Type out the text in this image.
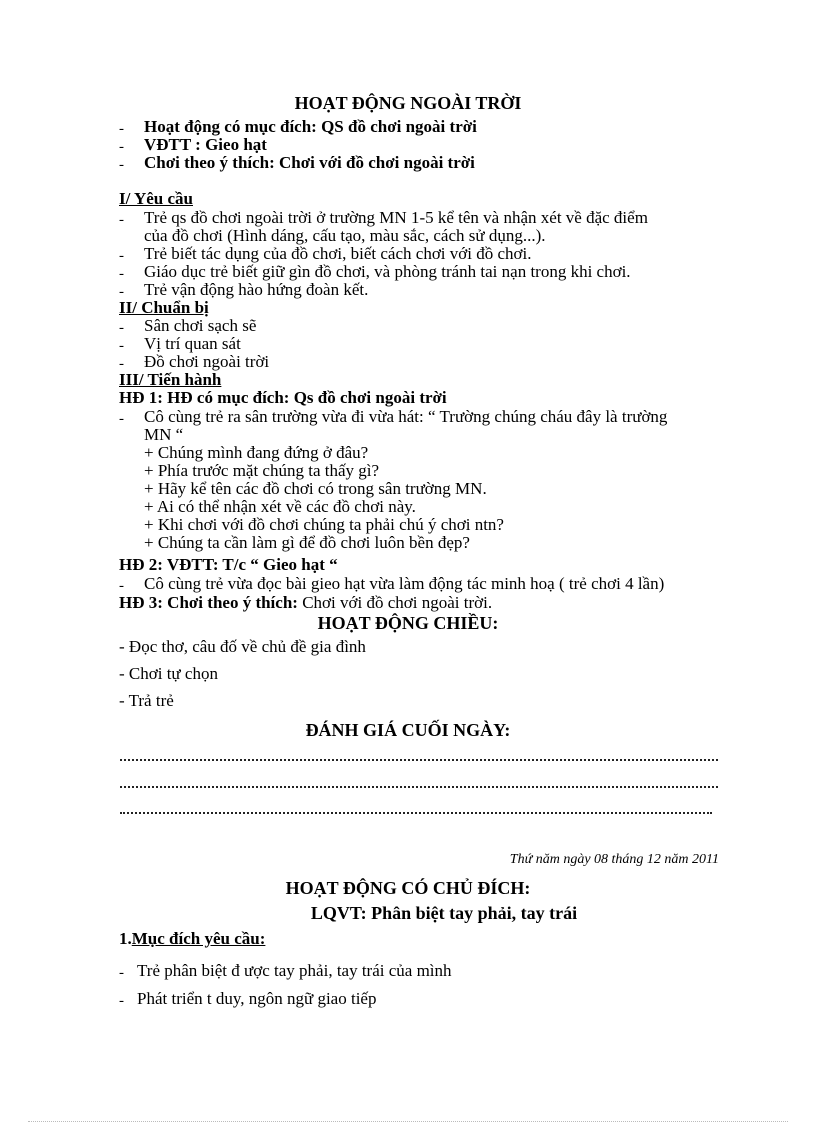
HOẠT ĐỘNG NGOÀI TRỜI
- Hoạt động có mục đích: QS đồ chơi ngoài trời
- VĐTT : Gieo hạt
- Chơi theo ý thích: Chơi với đồ chơi ngoài trời
I/ Yêu cầu
- Trẻ qs đồ chơi ngoài trời ở trường MN 1-5 kể tên và nhận xét về đặc điểm
của đồ chơi (Hình dáng, cấu tạo, màu sắc, cách sử dụng...).
- Trẻ biết tác dụng của đồ chơi, biết cách chơi với đồ chơi.
- Giáo dục trẻ biết giữ gìn đồ chơi, và phòng tránh tai nạn trong khi chơi.
- Trẻ vận động hào hứng đoàn kết.
II/ Chuẩn bị
- Sân chơi sạch sẽ
- Vị trí quan sát
- Đồ chơi ngoài trời
III/ Tiến hành
HĐ 1: HĐ có mục đích: Qs đồ chơi ngoài trời
- Cô cùng trẻ ra sân trường vừa đi vừa hát: “ Trường chúng cháu đây là trường
MN “
+ Chúng mình đang đứng ở đâu?
+ Phía trước mặt chúng ta thấy gì?
+ Hãy kể tên các đồ chơi có trong sân trường MN.
+ Ai có thể nhận xét về các đồ chơi này.
+ Khi chơi với đồ chơi chúng ta phải chú ý chơi ntn?
+ Chúng ta cần làm gì để đồ chơi luôn bền đẹp?
HĐ 2: VĐTT: T/c “ Gieo hạt “
- Cô cùng trẻ vừa đọc bài gieo hạt vừa làm động tác minh hoạ ( trẻ chơi 4 lần)
HĐ 3: Chơi theo ý thích: Chơi với đồ chơi ngoài trời.
HOẠT ĐỘNG CHIỀU:
- Đọc thơ, câu đố về chủ đề gia đình
- Chơi tự chọn
- Trả trẻ
ĐÁNH GIÁ CUỐI NGÀY:
Thứ năm ngày 08 tháng 12 năm 2011
HOẠT ĐỘNG CÓ CHỦ ĐÍCH:
LQVT: Phân biệt tay phải, tay trái
1.Mục đích yêu cầu:
- Trẻ phân biệt đ ược tay phải, tay trái của mình
- Phát triển t duy, ngôn ngữ giao tiếp
